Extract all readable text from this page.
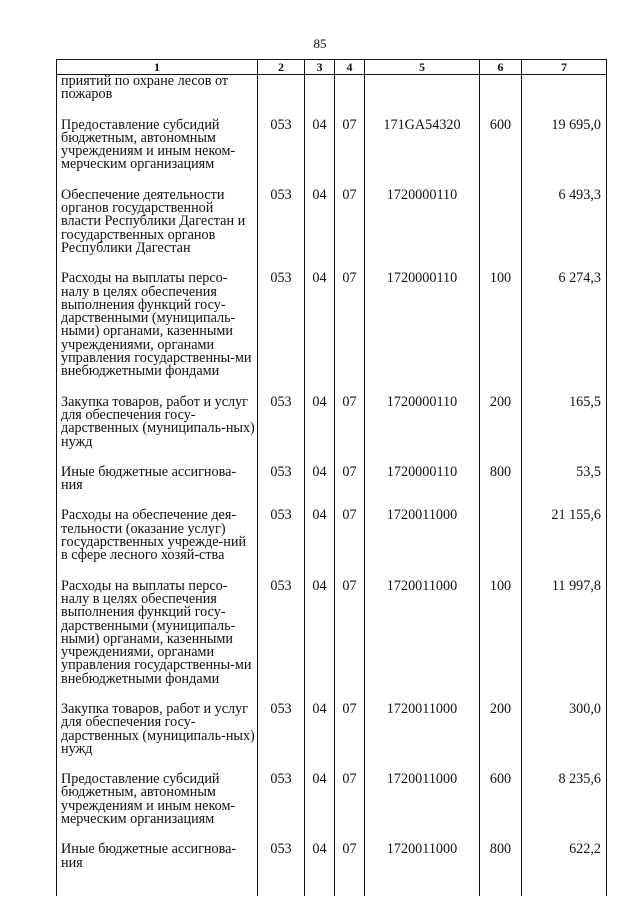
85
1	2	3	4	5	6	7
приятий по охране лесов от пожаров						
Предоставление субсидий бюджетным, автономным учреждениям и иным неком-мерческим организациям	053	04	07	171GA54320	600	19 695,0
Обеспечение деятельности органов государственной власти Республики Дагестан и государственных органов Республики Дагестан	053	04	07	1720000110		6 493,3
Расходы на выплаты персо-налу в целях обеспечения выполнения функций госу-дарственными (муниципаль-ными) органами, казенными учреждениями, органами управления государственны-ми внебюджетными фондами	053	04	07	1720000110	100	6 274,3
Закупка товаров, работ и услуг для обеспечения госу-дарственных (муниципаль-ных) нужд	053	04	07	1720000110	200	165,5
Иные бюджетные ассигнова-ния	053	04	07	1720000110	800	53,5
Расходы на обеспечение дея-тельности (оказание услуг) государственных учрежде-ний в сфере лесного хозяй-ства	053	04	07	1720011000		21 155,6
Расходы на выплаты персо-налу в целях обеспечения выполнения функций госу-дарственными (муниципаль-ными) органами, казенными учреждениями, органами управления государственны-ми внебюджетными фондами	053	04	07	1720011000	100	11 997,8
Закупка товаров, работ и услуг для обеспечения госу-дарственных (муниципаль-ных) нужд	053	04	07	1720011000	200	300,0
Предоставление субсидий бюджетным, автономным учреждениям и иным неком-мерческим организациям	053	04	07	1720011000	600	8 235,6
Иные бюджетные ассигнова-ния	053	04	07	1720011000	800	622,2
